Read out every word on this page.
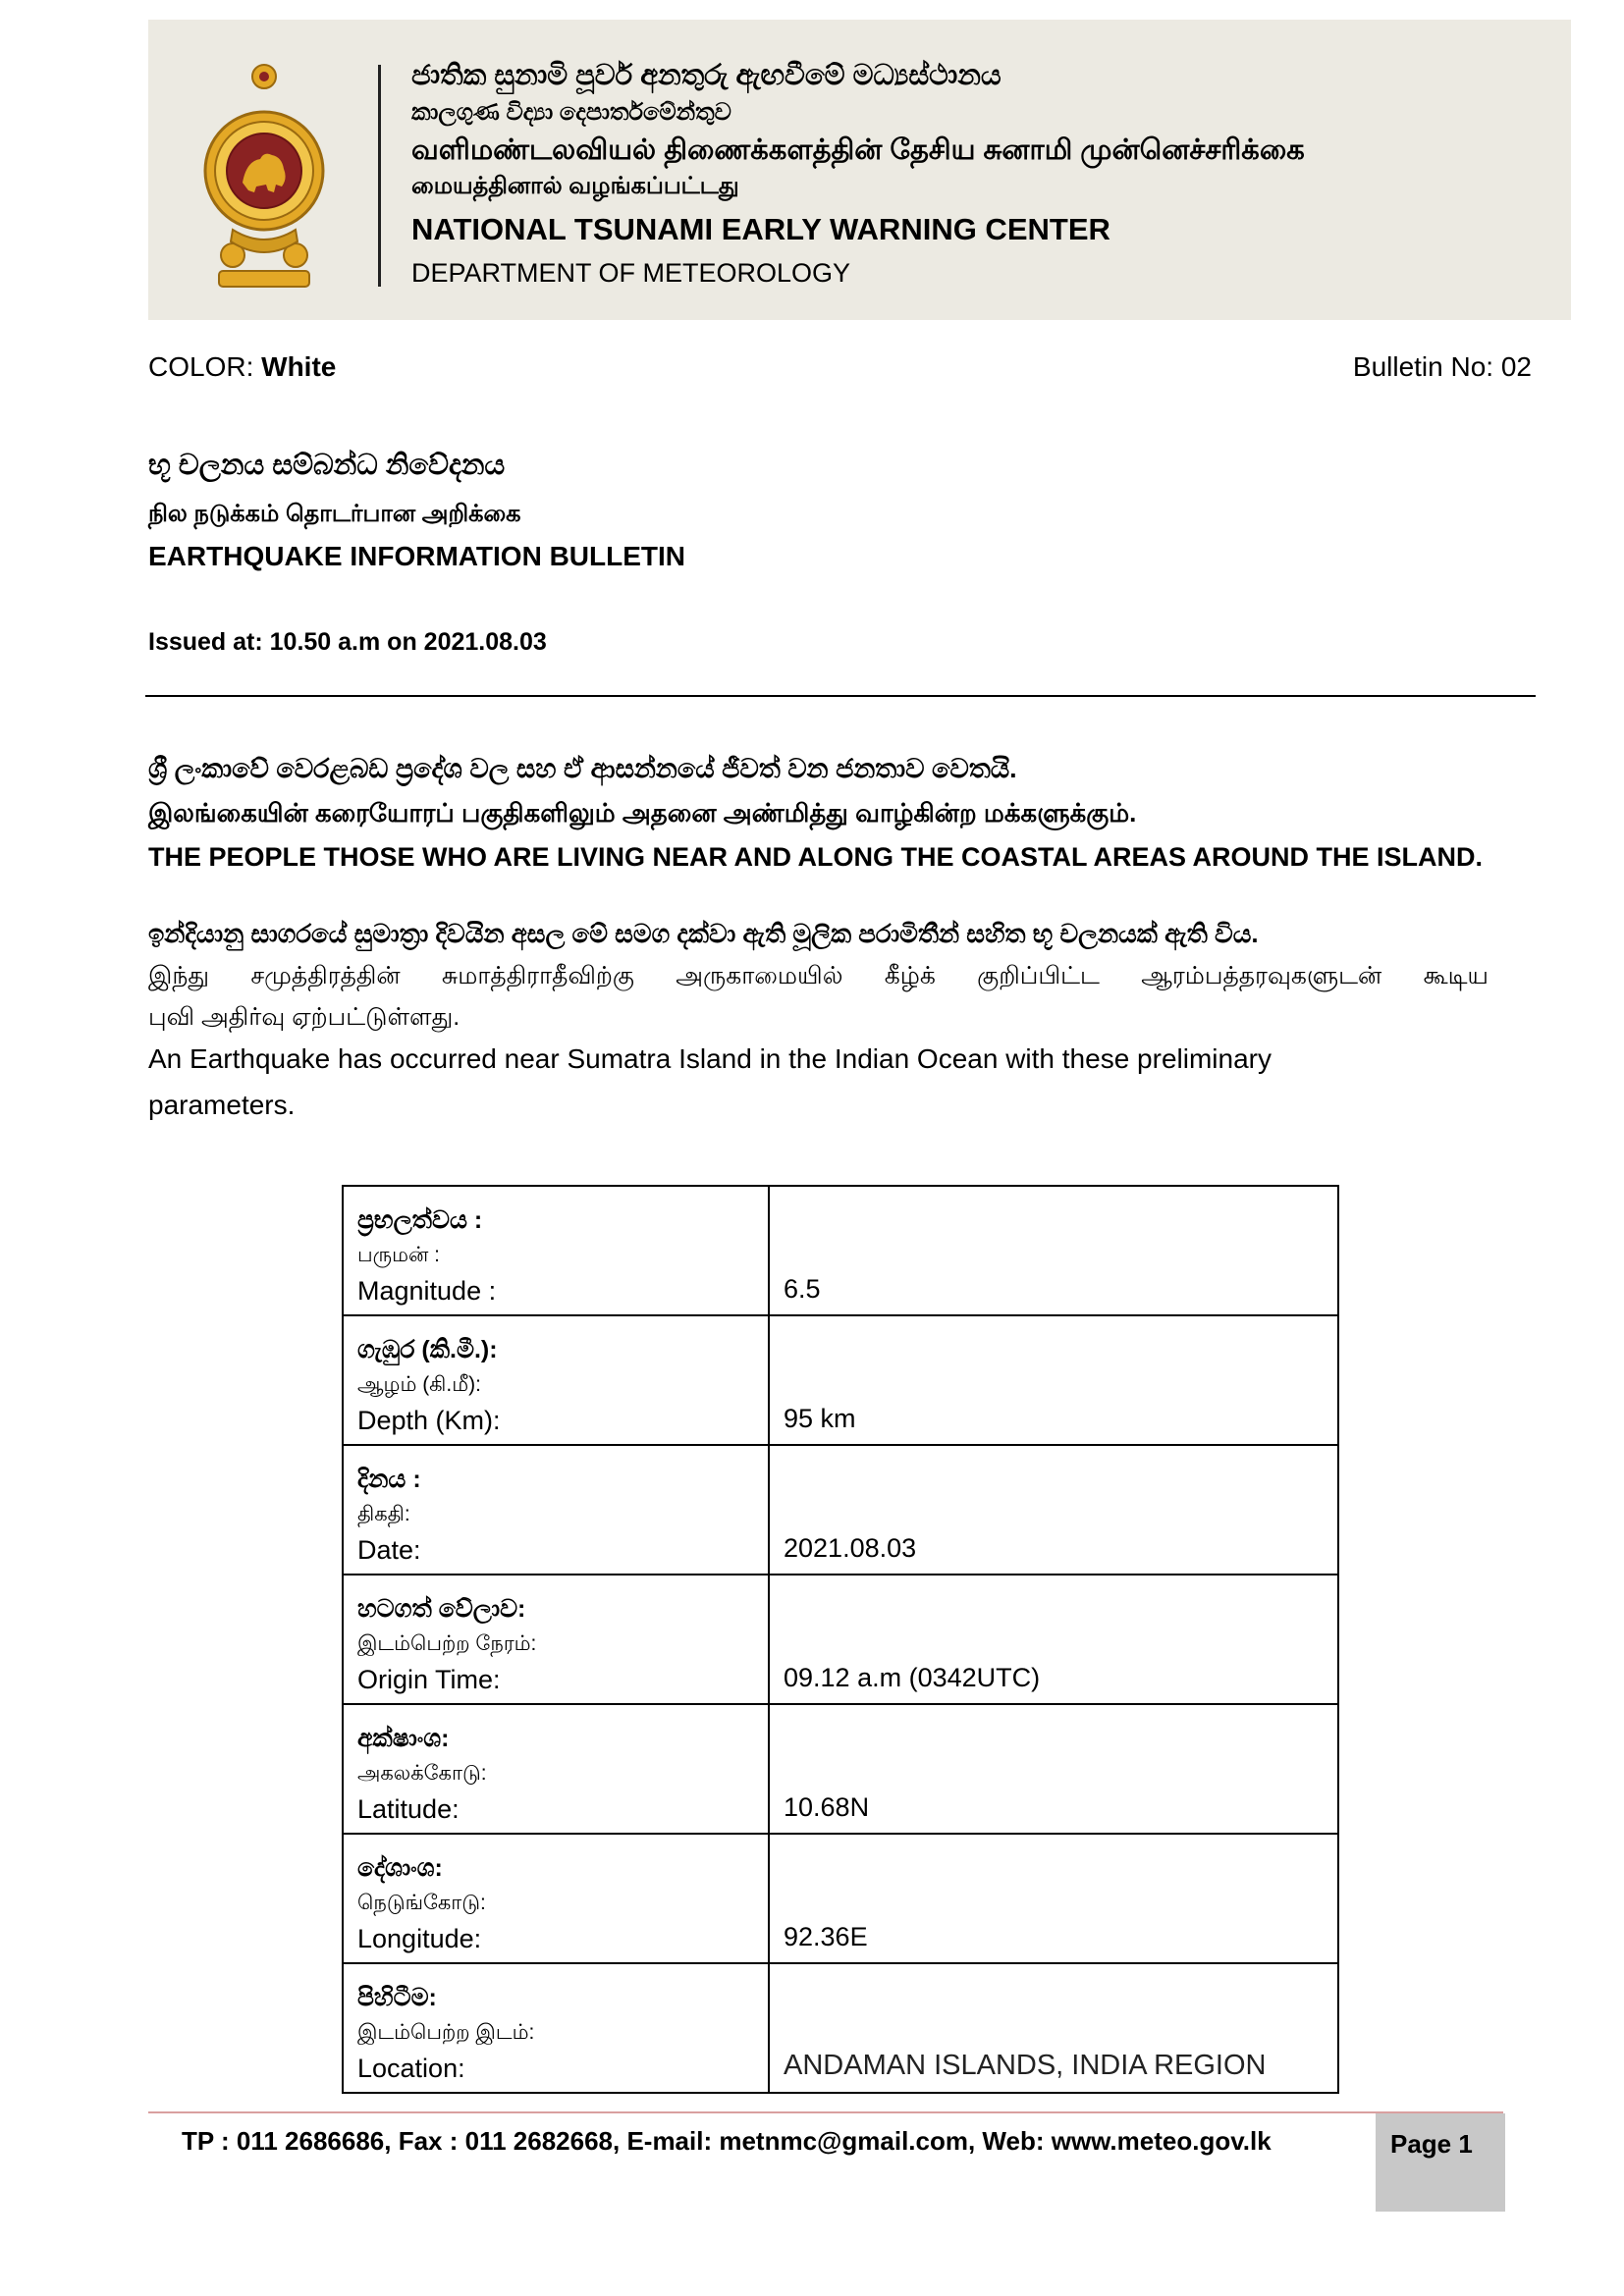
ජාතික සුනාමි පූර්ව අනතුරු ඇඟවීමේ මධ්‍යස්ථානය
කාලගුණ විද්‍යා දෙපාර්තමේන්තුව
வளிமண்டலவியல் திணைக்களத்தின் தேசிய சுனாமி முன்னெச்சரிக்கை
மையத்தினால் வழங்கப்பட்டது
NATIONAL TSUNAMI EARLY WARNING CENTER
DEPARTMENT OF METEOROLOGY
COLOR: White	Bulletin No: 02
භූ චලනය සම්බන්ධ නිවේදනය
நில நடுக்கம் தொடர்பான அறிக்கை
EARTHQUAKE INFORMATION BULLETIN
Issued at: 10.50 a.m on 2021.08.03
ශ්‍රී ලංකාවේ වෙරළබඩ ප්‍රදේශ වල සහ ඒ ආසන්නයේ ජීවත් වන ජනතාව වෙතයි.
இலங்கையின் கரையோரப் பகுதிகளிலும் அதனை அண்மித்து வாழ்கின்ற மக்களுக்கும்.
THE PEOPLE THOSE WHO ARE LIVING NEAR AND ALONG THE COASTAL AREAS AROUND THE ISLAND.
ඉන්දියානු සාගරයේ සුමාත්‍රා දිවයින අසල මේ සමග දක්වා ඇති මූලික පරාමිතීන් සහිත භූ චලනයක් ඇති විය.
இந்து சமுத்திரத்தின் சுமாத்திராதீவிற்கு அருகாமையில் கீழ்க் குறிப்பிட்ட ஆரம்பத்தரவுகளுடன் கூடிய
புவி அதிர்வு ஏற்பட்டுள்ளது.
An Earthquake has occurred near Sumatra Island in the Indian Ocean with these preliminary
parameters.
ප්‍රභලත්වය :
பருமன் :
Magnitude :	6.5

ගැඹුර (කි.මී.):
ஆழம் (கி.மீ):
Depth (Km):	95 km

දිනය :
திகதி:
Date:	2021.08.03

හටගත් වේලාව:
இடம்பெற்ற நேரம்:
Origin Time:	09.12 a.m (0342UTC)

අක්ෂාංශ:
அகலக்கோடு:
Latitude:	10.68N

දේශාංශ:
நெடுங்கோடு:
Longitude:	92.36E

පිහිටීම:
இடம்பெற்ற இடம்:
Location:	ANDAMAN ISLANDS, INDIA REGION
TP : 011 2686686, Fax : 011 2682668, E-mail: metnmc@gmail.com, Web: www.meteo.gov.lk	Page 1
